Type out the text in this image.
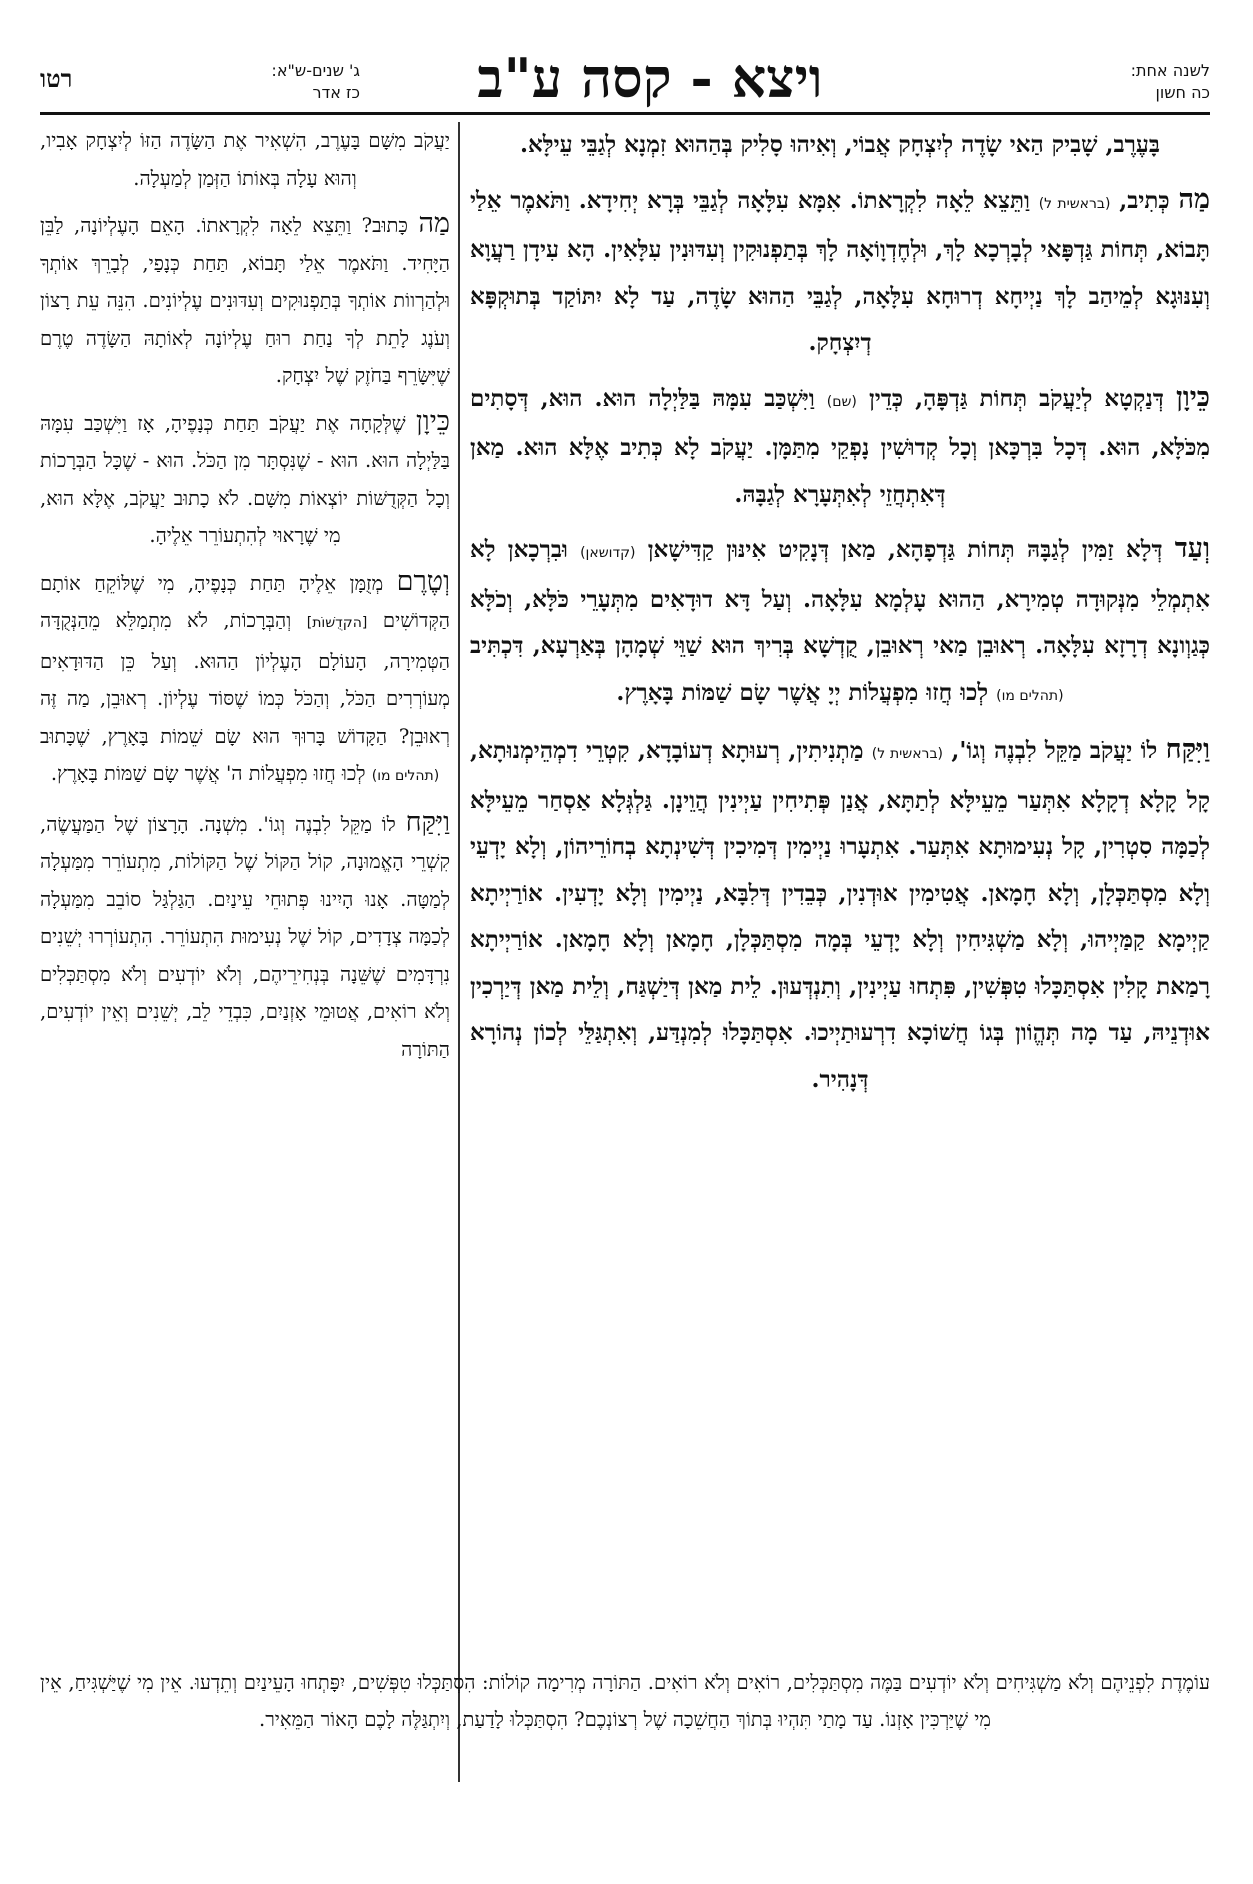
רטו	ג' שנים-ש"א:
כז אדר	ויצא - קסה ע"ב	לשנה אחת:
כה חשון

בָּעֶרֶב, שָׁבִיק הַאי שָׂדֶה לְיִצְחָק אֲבוֹי, וְאִיהוּ סָלִיק בְּהַהוּא זִמְנָא לְגַבֵּי עֵילָּא.

מַה כְּתִיב, (בראשית ל) וַתֵּצֵא לֵאָה לִקְרָאתוֹ. אִמָּא עִלָּאָה לְגַבֵּי בְּרָא יְחִידָא. וַתֹּאמֶר אֵלַי תָּבוֹא, תְּחוֹת גַּדְפָּאי לְבָרְכָא לָךְ, וּלְחֶדְוָוֹאָה לָךְ בְּתַפְנוּקִין וְעִדּוּנִין עִלָּאִין. הָא עִידָן רַעֲוָא וְעִנּוּגָא לְמֵיהַב לָךְ נַיְיחָא דְרוּחָא עִלָּאָה, לְגַבֵּי הַהוּא שָׂדֶה, עַד לָא יִתּוֹקַד בְּתוּקְפָּא דְיִצְחָק.

כֵּיוָן דְּנַקְטָא לְיַעֲקֹב תְּחוֹת גַּדְפָּהָ, כְּדֵין (שם) וַיִּשְׁכַּב עִמָּהּ בַּלַּיְלָה הוּא. הוּא, דְּסָתִים מִכֹּלָּא, הוּא. דְּכָל בִּרְכָּאן וְכָל קְדוּשִׁין נָפְקֵי מִתַּמָּן. יַעֲקֹב לָא כְּתִיב אֶלָּא הוּא. מַאן דְּאִתְחֲזֵי לְאִתְּעָרָא לְגַבָּהּ.

וְעַד דְּלָא זַמִּין לְגַבָּהּ תְּחוֹת גַּדְפָהָא, מַאן דְּנָקִיט אִינּוּן קַדִּישָׁאן (קדושאן) וּבִרְכָאן לָא אִתְמְלֵי מִנְּקוּדָה טְמִירָא, הַהוּא עָלְמָא עִלָּאָה. וְעַל דָּא דוּדָאִים מִתְּעָרֵי כֹּלָּא, וְכֹלָּא כְּגַוְונָא דְרָזָא עִלָּאָה. רְאוּבֵן מַאי רְאוּבֵן, קֻדְשָׁא בְּרִיךְ הוּא שַׁוֵּי שְׁמָהָן בְּאַרְעָא, דִּכְתִּיב (תהלים מו) לְכוּ חֲזוּ מִפְעֲלוֹת יְיָ אֲשֶׁר שָׂם שַׁמּוֹת בָּאָרֶץ.

וַיִּקַּח לוֹ יַעֲקֹב מַקֵּל לִבְנֶה וְגוֹ', (בראשית ל) מַתְנִיתִין, רְעוּתָא דְעוֹבָדָא, קִטְרֵי דִמְהֵימְנוּתָא, קָל קָלָא דְקָלָא אִתְּעַר מֵעֵילָּא לְתַתָּא, אֲנַן פְּתִיחִין עַיְינִין הֲוֵינָן. גַּלְגְּלָא אַסְחַר מֵעֵילָּא לְכַמָּה סִטְרִין, קָל נְעִימוּתָא אִתְּעַר. אִתְעָרוּ נַיְימִין דְּמִיכִין דְּשִׁינְתָא בְחוֹרֵיהוֹן, וְלָא יָדְעֵי וְלָא מִסְתַּכְּלָן, וְלָא חָמָאן. אֲטִימִין אוּדְנִין, כְּבֵדִין דְּלִבָּא, נַיְימִין וְלָא יָדְעִין. אוֹרַיְיתָא קַיְימָא קַמַּיְיהוּ, וְלָא מַשְׁגִּיחִין וְלָא יָדְעֵי בְּמָה מִסְתַּכְּלָן, חָמָאן וְלָא חָמָאן. אוֹרַיְיתָא רָמַאת קָלִין אִסְתַּכָּלוּ טִפְּשִׁין, פִּתְחוּ עַיְינִין, וְתִנְדְּעוּן. לֵית מַאן דְּיַשְׁגַּח, וְלֵית מַאן דְּיַרְכִין אוּדְנֵיהּ, עַד מָה תְּהֱוֹון בְּגוֹ חֲשׁוֹכָא דִרְעוּתַיְיכוּ. אִסְתַּכָּלוּ לְמִנְדַּע, וְאִתְגַּלֵּי לְכוֹן נְהוֹרָא דְּנָהִיר.

יַעֲקֹב מִשָּׁם בָּעֶרֶב, הִשְׁאִיר אֶת הַשָּׂדֶה הַזּוֹ לְיִצְחָק אָבִיו, וְהוּא עָלָה בְּאוֹתוֹ הַזְּמַן לְמַעְלָה.

מַה כָּתוּב? וַתֵּצֵא לֵאָה לִקְרָאתוֹ. הָאֵם הָעֶלְיוֹנָה, לַבֵּן הַיָּחִיד. וַתֹּאמֶר אֵלַי תָּבוֹא, תַּחַת כְּנָפַי, לְבָרֵךְ אוֹתְךָ וּלְהַרְווֹת אוֹתְךָ בְּתַפְנוּקִים וְעִדּוּנִים עֶלְיוֹנִים. הִנֵּה עֵת רָצוֹן וְעֹנֶג לָתֵת לְךָ נַחַת רוּחַ עֶלְיוֹנָה לְאוֹתָהּ הַשָּׂדֶה טֶרֶם שֶׁיִּשָּׂרֵף בַּחֹזֶק שֶׁל יִצְחָק.

כֵּיוָן שֶׁלְּקָחָה אֶת יַעֲקֹב תַּחַת כְּנָפֶיהָ, אָז וַיִּשְׁכַּב עִמָּהּ בַּלַּיְלָה הוּא. הוּא - שֶׁנִּסְתָּר מִן הַכֹּל. הוּא - שֶׁכָּל הַבְּרָכוֹת וְכָל הַקְּדֻשּׁוֹת יוֹצְאוֹת מִשָּׁם. לֹא כָתוּב יַעֲקֹב, אֶלָּא הוּא, מִי שֶׁרָאוּי לְהִתְעוֹרֵר אֵלֶיהָ.

וְטֶרֶם מְזֻמָּן אֵלֶיהָ תַּחַת כְּנָפֶיהָ, מִי שֶׁלּוֹקֵחַ אוֹתָם הַקְּדוֹשִׁים [הקדֻשׁוֹת] וְהַבְּרָכוֹת, לֹא מִתְמַלֵּא מֵהַנְּקֻדָּה הַטְּמִירָה, הָעוֹלָם הָעֶלְיוֹן הַהוּא. וְעַל כֵּן הַדּוּדָאִים מְעוֹרְרִים הַכֹּל, וְהַכֹּל כְּמוֹ שֶׁסּוֹד עֶלְיוֹן. רְאוּבֵן, מַה זֶּה רְאוּבֵן? הַקָּדוֹשׁ בָּרוּךְ הוּא שָׂם שֵׁמוֹת בָּאָרֶץ, שֶׁכָּתוּב (תהלים מו) לְכוּ חֲזוּ מִפְעֲלוֹת ה' אֲשֶׁר שָׂם שַׁמּוֹת בָּאָרֶץ.

וַיִּקַּח לוֹ מַקֵּל לִבְנֶה וְגוֹ'. מִשְׁנָה. הָרָצוֹן שֶׁל הַמַּעֲשֶׂה, קִשְׁרֵי הָאֱמוּנָה, קוֹל הַקּוֹל שֶׁל הַקּוֹלוֹת, מִתְעוֹרֵר מִמַּעְלָה לְמַטָּה. אָנוּ הָיִינוּ פְּתוּחֵי עֵינַיִם. הַגַּלְגַּל סוֹבֵב מִמַּעְלָה לְכַמָּה צְדָדִים, קוֹל שֶׁל נְעִימוּת הִתְעוֹרֵר. הִתְעוֹרְרוּ יְשֵׁנִים נִרְדָּמִים שֶׁשֵּׁנָה בְּנְחִירֵיהֶם, וְלֹא יוֹדְעִים וְלֹא מִסְתַּכְּלִים וְלֹא רוֹאִים, אֲטוּמֵי אָזְנַיִם, כִּבְדֵי לֵב, יְשֵׁנִים וְאֵין יוֹדְעִים, הַתּוֹרָה

עוֹמֶדֶת לִפְנֵיהֶם וְלֹא מַשְׁגִּיחִים וְלֹא יוֹדְעִים בַּמֶּה מִסְתַּכְּלִים, רוֹאִים וְלֹא רוֹאִים. הַתּוֹרָה מְרִימָה קוֹלוֹת: הִסְתַּכְּלוּ טִפְּשִׁים, יִפָּתְחוּ הָעֵינַיִם וְתֵדְעוּ. אֵין מִי שֶׁיַּשְׁגִּיחַ, אֵין מִי שֶׁיַּרְכִּין אָזְנוֹ. עַד מָתַי תִּהְיוּ בְּתוֹךְ הַחֲשֵׁכָה שֶׁל רְצוֹנְכֶם? הִסְתַּכְּלוּ לָדַעַת, וְיִתְגַּלֶּה לָכֶם הָאוֹר הַמֵּאִיר.
